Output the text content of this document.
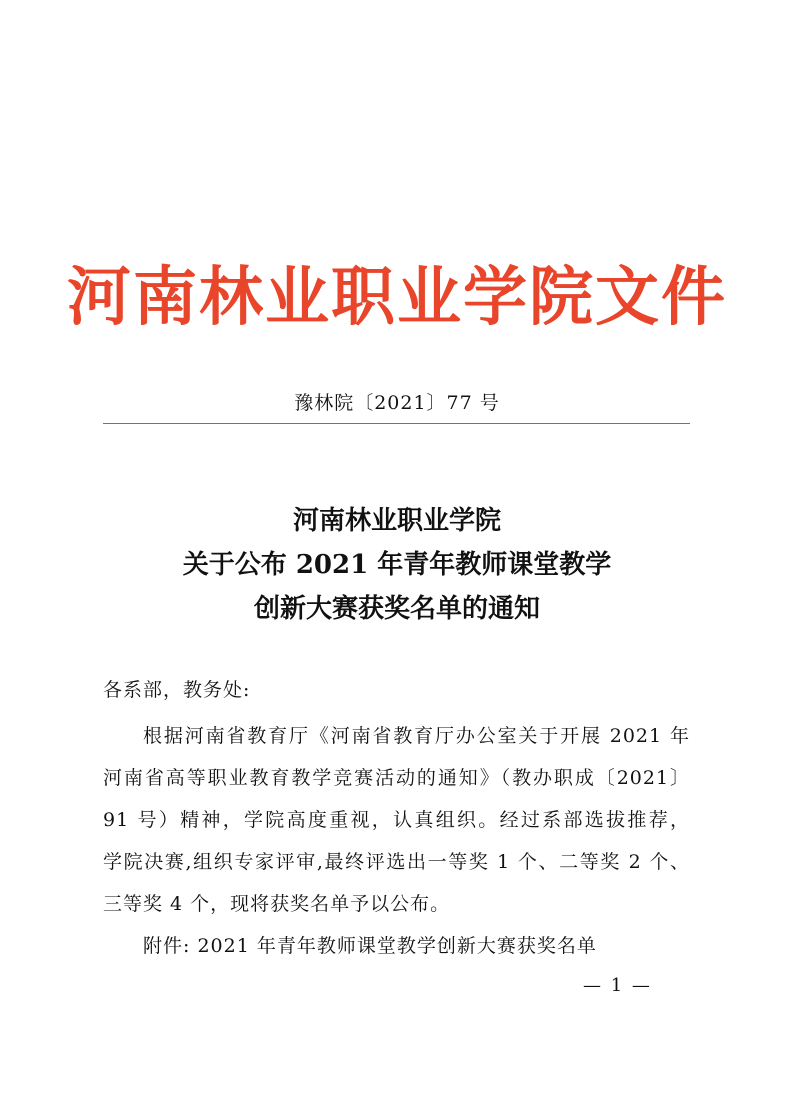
河南林业职业学院文件
豫林院〔2021〕77 号
河南林业职业学院
关于公布 2021 年青年教师课堂教学
创新大赛获奖名单的通知
各系部，教务处:
根据河南省教育厅《河南省教育厅办公室关于开展 2021 年
河南省高等职业教育教学竞赛活动的通知》（教办职成〔2021〕
91 号）精神，学院高度重视，认真组织。经过系部选拔推荐，
学院决赛,组织专家评审,最终评选出一等奖 1 个、二等奖 2 个、
三等奖 4 个，现将获奖名单予以公布。
附件: 2021 年青年教师课堂教学创新大赛获奖名单
— 1 —
